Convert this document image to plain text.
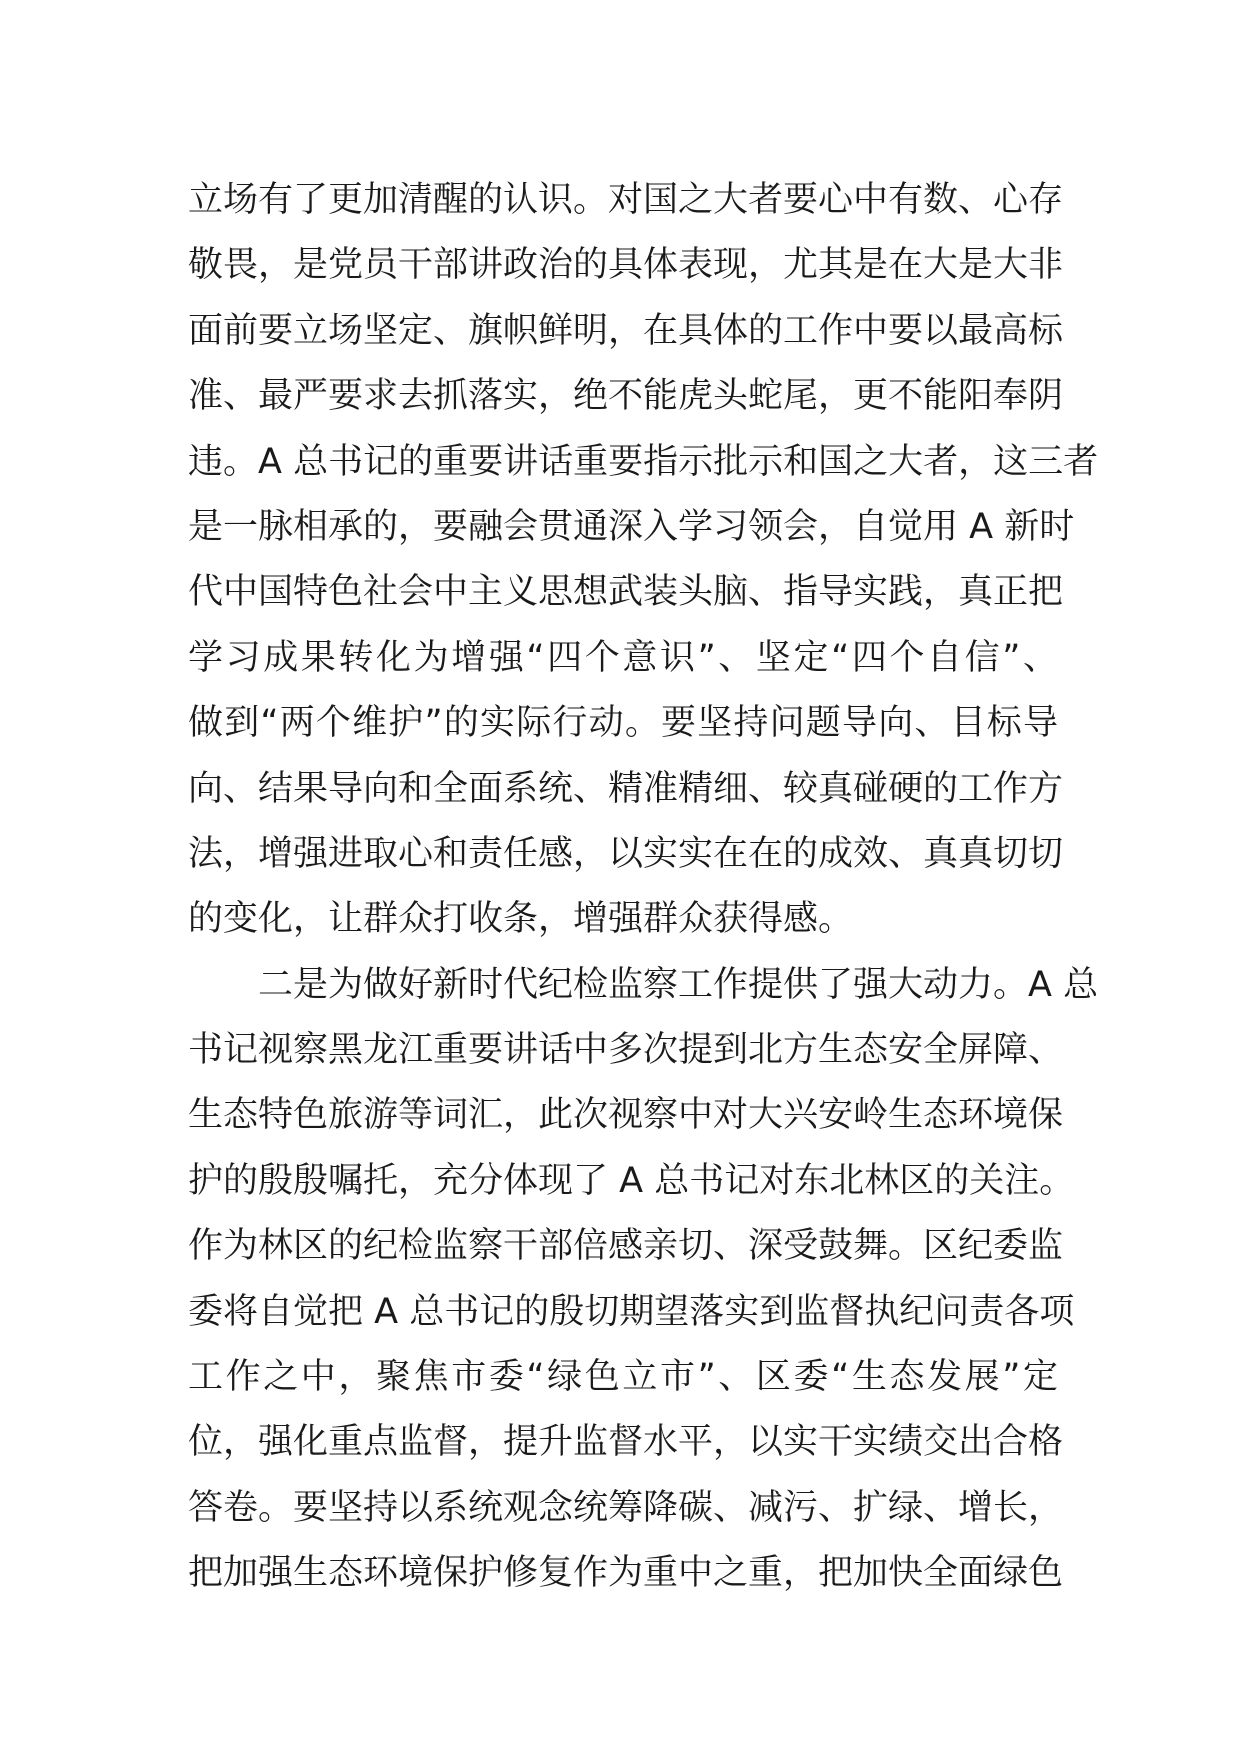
立场有了更加清醒的认识。对国之大者要心中有数、心存
敬畏，是党员干部讲政治的具体表现，尤其是在大是大非
面前要立场坚定、旗帜鲜明，在具体的工作中要以最高标
准、最严要求去抓落实，绝不能虎头蛇尾，更不能阳奉阴
违。A 总书记的重要讲话重要指示批示和国之大者，这三者
是一脉相承的，要融会贯通深入学习领会，自觉用 A 新时
代中国特色社会中主义思想武装头脑、指导实践，真正把
学习成果转化为增强“四个意识”、坚定“四个自信”、
做到“两个维护”的实际行动。要坚持问题导向、目标导
向、结果导向和全面系统、精准精细、较真碰硬的工作方
法，增强进取心和责任感，以实实在在的成效、真真切切
的变化，让群众打收条，增强群众获得感。
二是为做好新时代纪检监察工作提供了强大动力。A 总
书记视察黑龙江重要讲话中多次提到北方生态安全屏障、
生态特色旅游等词汇，此次视察中对大兴安岭生态环境保
护的殷殷嘱托，充分体现了 A 总书记对东北林区的关注。
作为林区的纪检监察干部倍感亲切、深受鼓舞。区纪委监
委将自觉把 A 总书记的殷切期望落实到监督执纪问责各项
工作之中，聚焦市委“绿色立市”、区委“生态发展”定
位，强化重点监督，提升监督水平，以实干实绩交出合格
答卷。要坚持以系统观念统筹降碳、减污、扩绿、增长，
把加强生态环境保护修复作为重中之重，把加快全面绿色
